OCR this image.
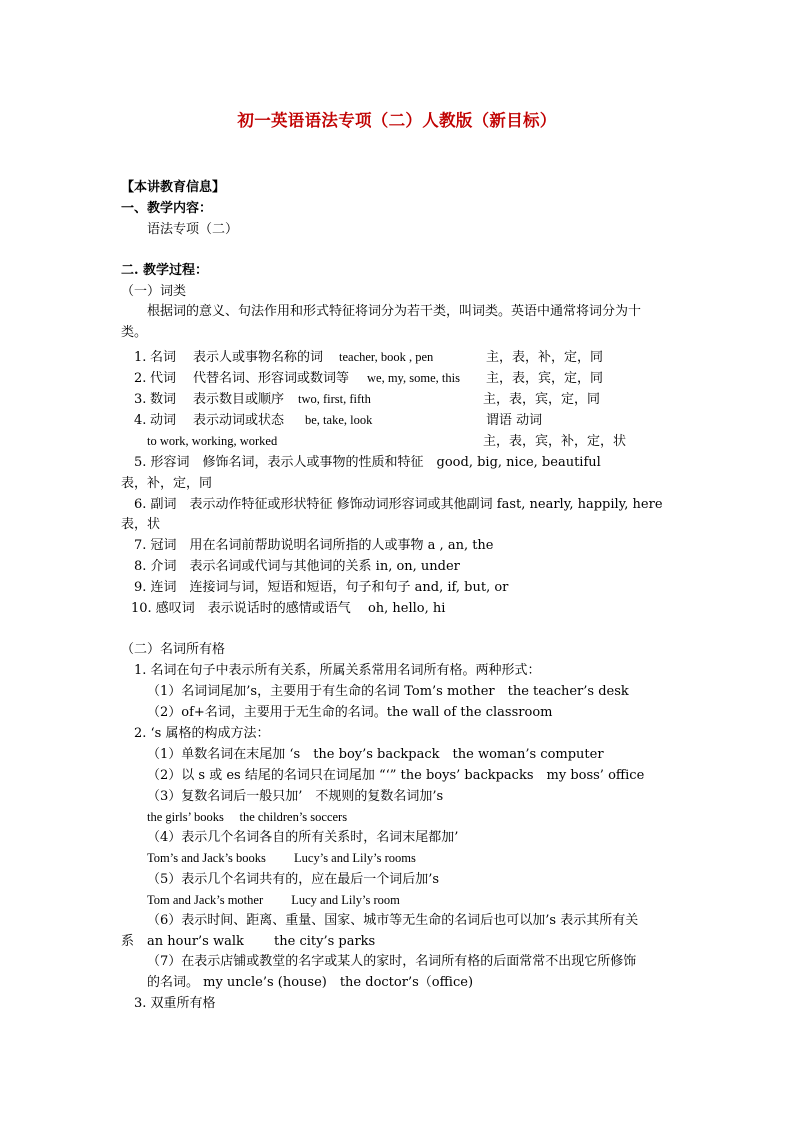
初一英语语法专项（二）人教版（新目标）
【本讲教育信息】
一、教学内容：
语法专项（二）
二. 教学过程：
（一）词类
根据词的意义、句法作用和形式特征将词分为若干类，叫词类。英语中通常将词分为十
类。
1. 名词 表示人或事物名称的词 teacher, book , pen	主，表，补，定，同
2. 代词 代替名词、形容词或数词等 we, my, some, this 主，表，宾，定，同
3. 数词 表示数目或顺序 two, first, fifth	主，表，宾，定，同
4. 动词 表示动词或状态 be, take, look	谓语 动词
to work, working, worked	主，表，宾，补，定，状
5. 形容词　修饰名词，表示人或事物的性质和特征　good, big, nice, beautiful
表，补，定，同
6. 副词　表示动作特征或形状特征 修饰动词形容词或其他副词 fast, nearly, happily, here
表，状
7. 冠词　用在名词前帮助说明名词所指的人或事物 a , an, the
8. 介词　表示名词或代词与其他词的关系 in, on, under
9. 连词　连接词与词，短语和短语，句子和句子 and, if, but, or
10. 感叹词　表示说话时的感情或语气　 oh, hello, hi
（二）名词所有格
1. 名词在句子中表示所有关系，所属关系常用名词所有格。两种形式：
（1）名词词尾加’s，主要用于有生命的名词 Tom’s mother　the teacher’s desk
（2）of+名词，主要用于无生命的名词。the wall of the classroom
2. ‘s 属格的构成方法：
（1）单数名词在末尾加 ‘s　the boy’s backpack　the woman’s computer
（2）以 s 或 es 结尾的名词只在词尾加 “‘” the boys’ backpacks　my boss’ office
（3）复数名词后一般只加’　不规则的复数名词加’s
the girls’ books　 the children’s soccers
（4）表示几个名词各自的所有关系时，名词末尾都加’
Tom’s and Jack’s books　　 Lucy’s and Lily’s rooms
（5）表示几个名词共有的，应在最后一个词后加’s
Tom and Jack’s mother　　 Lucy and Lily’s room
（6）表示时间、距离、重量、国家、城市等无生命的名词后也可以加’s 表示其所有关
系　an hour’s walk　　 the city’s parks
（7）在表示店铺或教堂的名字或某人的家时，名词所有格的后面常常不出现它所修饰
的名词。 my uncle’s (house)　the doctor’s（office)
3. 双重所有格
